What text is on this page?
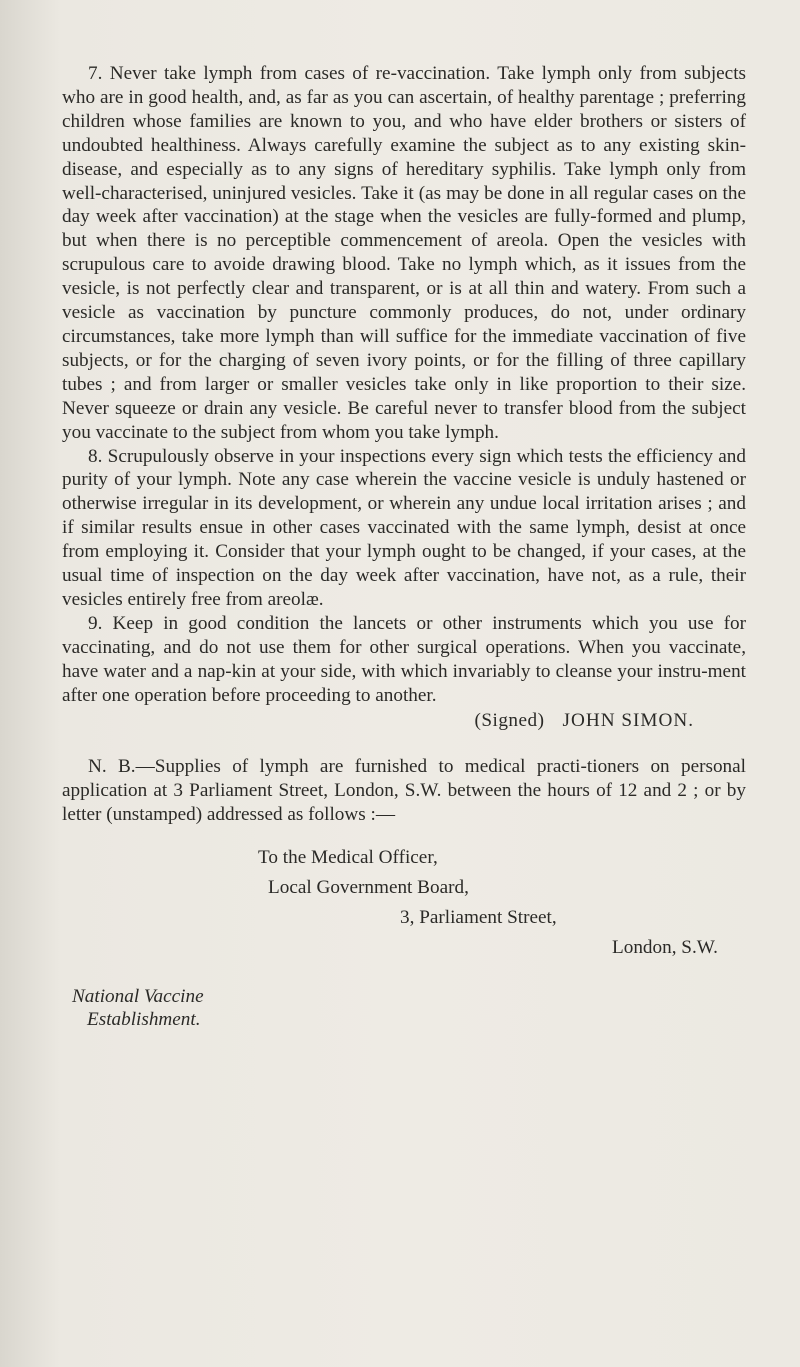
7. Never take lymph from cases of re-vaccination. Take lymph only from subjects who are in good health, and, as far as you can ascertain, of healthy parentage ; preferring children whose families are known to you, and who have elder brothers or sisters of undoubted healthiness. Always carefully examine the subject as to any existing skin-disease, and especially as to any signs of hereditary syphilis. Take lymph only from well-characterised, uninjured vesicles. Take it (as may be done in all regular cases on the day week after vaccination) at the stage when the vesicles are fully-formed and plump, but when there is no perceptible commencement of areola. Open the vesicles with scrupulous care to avoide drawing blood. Take no lymph which, as it issues from the vesicle, is not perfectly clear and transparent, or is at all thin and watery. From such a vesicle as vaccination by puncture commonly produces, do not, under ordinary circumstances, take more lymph than will suffice for the immediate vaccination of five subjects, or for the charging of seven ivory points, or for the filling of three capillary tubes ; and from larger or smaller vesicles take only in like proportion to their size. Never squeeze or drain any vesicle. Be careful never to transfer blood from the subject you vaccinate to the subject from whom you take lymph.

8. Scrupulously observe in your inspections every sign which tests the efficiency and purity of your lymph. Note any case wherein the vaccine vesicle is unduly hastened or otherwise irregular in its development, or wherein any undue local irritation arises ; and if similar results ensue in other cases vaccinated with the same lymph, desist at once from employing it. Consider that your lymph ought to be changed, if your cases, at the usual time of inspection on the day week after vaccination, have not, as a rule, their vesicles entirely free from areolæ.

9. Keep in good condition the lancets or other instruments which you use for vaccinating, and do not use them for other surgical operations. When you vaccinate, have water and a nap-kin at your side, with which invariably to cleanse your instru-ment after one operation before proceeding to another.

(Signed) JOHN SIMON.

N. B.—Supplies of lymph are furnished to medical practi-tioners on personal application at 3 Parliament Street, London, S.W. between the hours of 12 and 2 ; or by letter (unstamped) addressed as follows :—

To the Medical Officer,
Local Government Board,
3, Parliament Street,
London, S.W.
National Vaccine
Establishment.
